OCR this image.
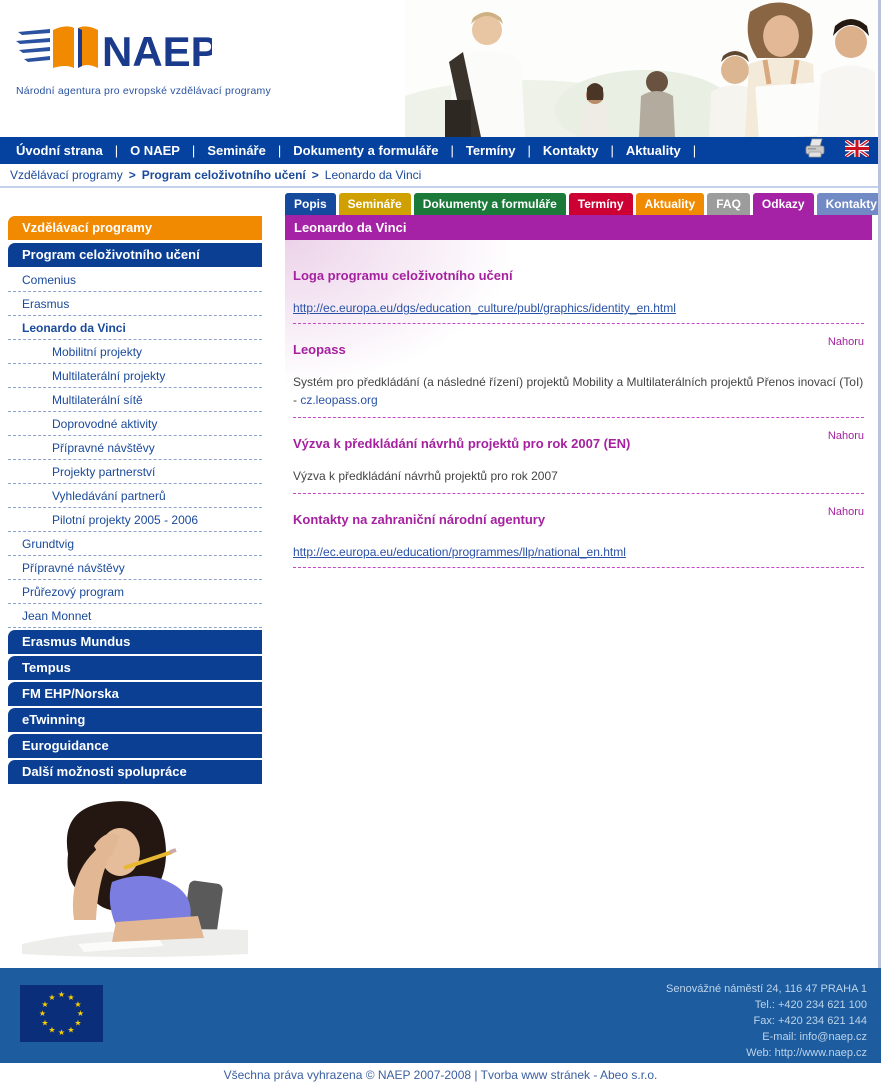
NAEP
Národní agentura pro evropské vzdělávací programy
Úvodní strana |	O NAEP |	Semináře |	Dokumenty a formuláře |	Termíny |	Kontakty |	Aktuality |
Vzdělávací programy > Program celoživotního učení > Leonardo da Vinci
Vzdělávací programy
Program celoživotního učení
Comenius
Erasmus
Leonardo da Vinci
Mobilitní projekty
Multilaterální projekty
Multilaterální sítě
Doprovodné aktivity
Přípravné návštěvy
Projekty partnerství
Vyhledávání partnerů
Pilotní projekty 2005 - 2006
Grundtvig
Přípravné návštěvy
Průřezový program
Jean Monnet
Erasmus Mundus
Tempus
FM EHP/Norska
eTwinning
Euroguidance
Další možnosti spolupráce
Popis	Semináře	Dokumenty a formuláře	Termíny	Aktuality	FAQ	Odkazy	Kontakty
Leonardo da Vinci
Loga programu celoživotního učení
http://ec.europa.eu/dgs/education_culture/publ/graphics/identity_en.html
Nahoru
Leopass

Systém pro předkládání (a následné řízení) projektů Mobility a Multilaterálních projektů Přenos inovací (ToI) - cz.leopass.org

Nahoru
Výzva k předkládání návrhů projektů pro rok 2007 (EN)

Výzva k předkládání návrhů projektů pro rok 2007

Nahoru
Kontakty na zahraniční národní agentury
http://ec.europa.eu/education/programmes/llp/national_en.html
★ ★
★
★
★
★
★
★
★
★
★
★
Senovážné náměstí 24, 116 47 PRAHA 1
Tel.: +420 234 621 100
Fax: +420 234 621 144
E-mail: info@naep.cz
Web: http://www.naep.cz
Všechna práva vyhrazena © NAEP 2007-2008 | Tvorba www stránek - Abeo s.r.o.
